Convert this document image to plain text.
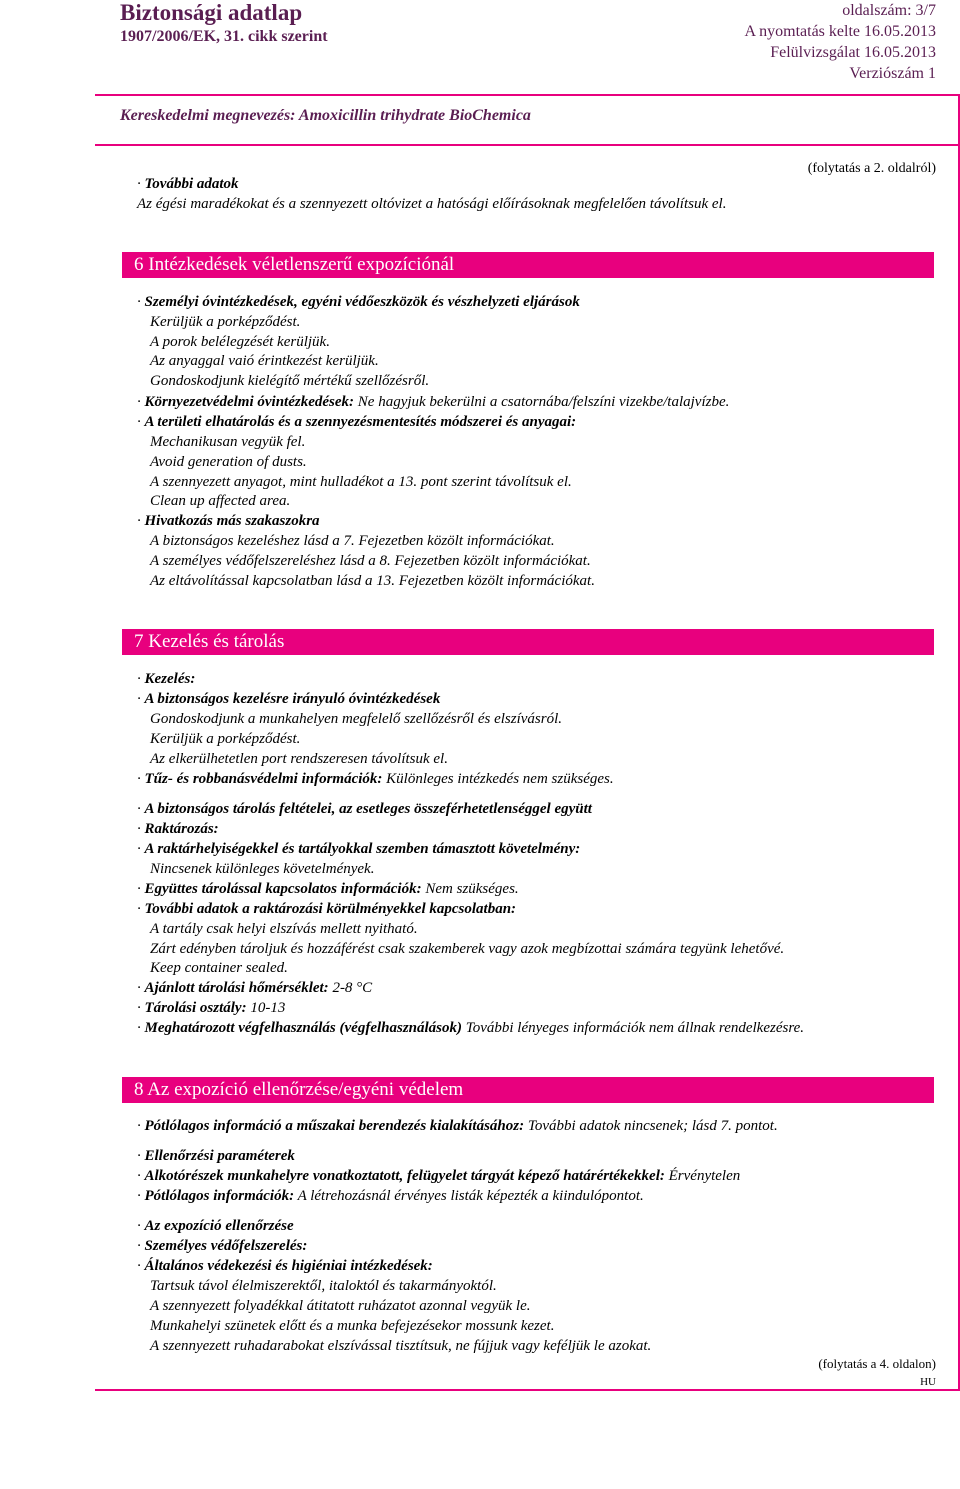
Biztonsági adatlap
1907/2006/EK, 31. cikk szerint
oldalszám: 3/7
A nyomtatás kelte 16.05.2013
Felülvizsgálat 16.05.2013
Verziószám 1
Kereskedelmi megnevezés: Amoxicillin trihydrate BioChemica
(folytatás a 2. oldalról)
· További adatok
Az égési maradékokat és a szennyezett oltóvizet a hatósági előírásoknak megfelelően távolítsuk el.
6 Intézkedések véletlenszerű expozíciónál
· Személyi óvintézkedések, egyéni védőeszközök és vészhelyzeti eljárások
Kerüljük a porképződést.
A porok belélegzését kerüljük.
Az anyaggal vaió érintkezést kerüljük.
Gondoskodjunk kielégítő mértékű szellőzésről.
· Környezetvédelmi óvintézkedések: Ne hagyjuk bekerülni a csatornába/felszíni vizekbe/talajvízbe.
· A területi elhatárolás és a szennyezésmentesítés módszerei és anyagai:
Mechanikusan vegyük fel.
Avoid generation of dusts.
A szennyezett anyagot, mint hulladékot a 13. pont szerint távolítsuk el.
Clean up affected area.
· Hivatkozás más szakaszokra
A biztonságos kezeléshez lásd a 7. Fejezetben közölt információkat.
A személyes védőfelszereléshez lásd a 8. Fejezetben közölt információkat.
Az eltávolítással kapcsolatban lásd a 13. Fejezetben közölt információkat.
7 Kezelés és tárolás
· Kezelés:
· A biztonságos kezelésre irányuló óvintézkedések
Gondoskodjunk a munkahelyen megfelelő szellőzésről és elszívásról.
Kerüljük a porképződést.
Az elkerülhetetlen port rendszeresen távolítsuk el.
· Tűz- és robbanásvédelmi információk: Különleges intézkedés nem szükséges.
· A biztonságos tárolás feltételei, az esetleges összeférhetetlenséggel együtt
· Raktározás:
· A raktárhelyiségekkel és tartályokkal szemben támasztott követelmény:
Nincsenek különleges követelmények.
· Együttes tárolással kapcsolatos információk: Nem szükséges.
· További adatok a raktározási körülményekkel kapcsolatban:
A tartály csak helyi elszívás mellett nyitható.
Zárt edényben tároljuk és hozzáférést csak szakemberek vagy azok megbízottai számára tegyünk lehetővé.
Keep container sealed.
· Ajánlott tárolási hőmérséklet: 2-8 °C
· Tárolási osztály: 10-13
· Meghatározott végfelhasználás (végfelhasználások) További lényeges információk nem állnak rendelkezésre.
8 Az expozíció ellenőrzése/egyéni védelem
· Pótlólagos információ a műszakai berendezés kialakításához: További adatok nincsenek; lásd 7. pontot.
· Ellenőrzési paraméterek
· Alkotórészek munkahelyre vonatkoztatott, felügyelet tárgyát képező határértékekkel: Érvénytelen
· Pótlólagos információk: A létrehozásnál érvényes listák képezték a kiindulópontot.
· Az expozíció ellenőrzése
· Személyes védőfelszerelés:
· Általános védekezési és higiéniai intézkedések:
Tartsuk távol élelmiszerektől, italoktól és takarmányoktól.
A szennyezett folyadékkal átitatott ruházatot azonnal vegyük le.
Munkahelyi szünetek előtt és a munka befejezésekor mossunk kezet.
A szennyezett ruhadarabokat elszívással tisztítsuk, ne fújjuk vagy keféljük le azokat.
(folytatás a 4. oldalon)
HU
